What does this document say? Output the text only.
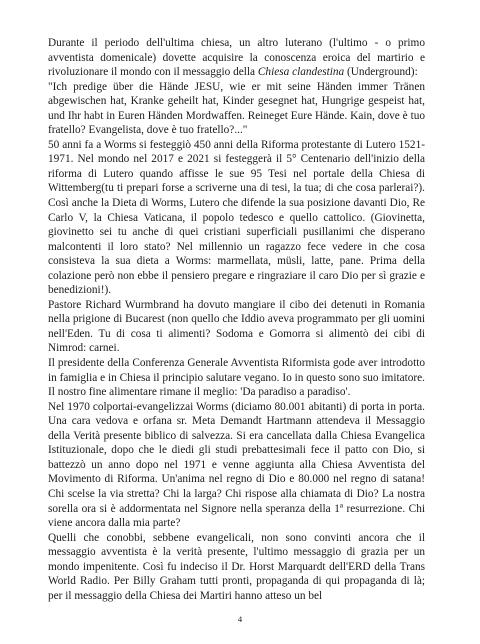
Durante il periodo dell'ultima chiesa, un altro luterano (l'ultimo - o primo avventista domenicale) dovette acquisire la conoscenza eroica del martirio e rivoluzionare il mondo con il messaggio della Chiesa clandestina (Underground):

"Ich predige über die Hände JESU, wie er mit seine Händen immer Tränen abgewischen hat, Kranke geheilt hat, Kinder gesegnet hat, Hungrige gespeist hat, und Ihr habt in Euren Händen Mordwaffen. Reineget Eure Hände. Kain, dove è tuo fratello? Evangelista, dove è tuo fratello?..."

50 anni fa a Worms si festeggiò 450 anni della Riforma protestante di Lutero 1521-1971. Nel mondo nel 2017 e 2021 si festeggerà il 5° Centenario dell'inizio della riforma di Lutero quando affisse le sue 95 Tesi nel portale della Chiesa di Wittemberg(tu ti prepari forse a scriverne una di tesi, la tua; di che cosa parlerai?). Così anche la Dieta di Worms, Lutero che difende la sua posizione davanti Dio, Re Carlo V, la Chiesa Vaticana, il popolo tedesco e quello cattolico. (Giovinetta, giovinetto sei tu anche di quei cristiani superficiali pusillanimi che disperano malcontenti il loro stato? Nel millennio un ragazzo fece vedere in che cosa consisteva la sua dieta a Worms: marmellata, müsli, latte, pane. Prima della colazione però non ebbe il pensiero pregare e ringraziare il caro Dio per sì grazie e benedizioni!).

Pastore Richard Wurmbrand ha dovuto mangiare il cibo dei detenuti in Romania nella prigione di Bucarest (non quello che Iddio aveva programmato per gli uomini nell'Eden. Tu di cosa ti alimenti? Sodoma e Gomorra si alimentò dei cibi di Nimrod: carnei.

Il presidente della Conferenza Generale Avventista Riformista gode aver introdotto in famiglia e in Chiesa il principio salutare vegano. Io in questo sono suo imitatore. Il nostro fine alimentare rimane il meglio: 'Da paradiso a paradiso'.

Nel 1970 colportai-evangelizzai Worms (diciamo 80.001 abitanti) di porta in porta. Una cara vedova e orfana sr. Meta Demandt Hartmann attendeva il Messaggio della Verità presente biblico di salvezza. Si era cancellata dalla Chiesa Evangelica Istituzionale, dopo che le diedi gli studi prebattesimali fece il patto con Dio, si battezzò un anno dopo nel 1971 e venne aggiunta alla Chiesa Avventista del Movimento di Riforma. Un'anima nel regno di Dio e 80.000 nel regno di satana! Chi scelse la via stretta? Chi la larga? Chi rispose alla chiamata di Dio? La nostra sorella ora si è addormentata nel Signore nella speranza della 1ª resurrezione. Chi viene ancora dalla mia parte?

Quelli che conobbi, sebbene evangelicali, non sono convinti ancora che il messaggio avventista è la verità presente, l'ultimo messaggio di grazia per un mondo impenitente. Così fu indeciso il Dr. Horst Marquardt dell'ERD della Trans World Radio. Per Billy Graham tutti pronti, propaganda di qui propaganda di là; per il messaggio della Chiesa dei Martiri hanno atteso un bel

4
